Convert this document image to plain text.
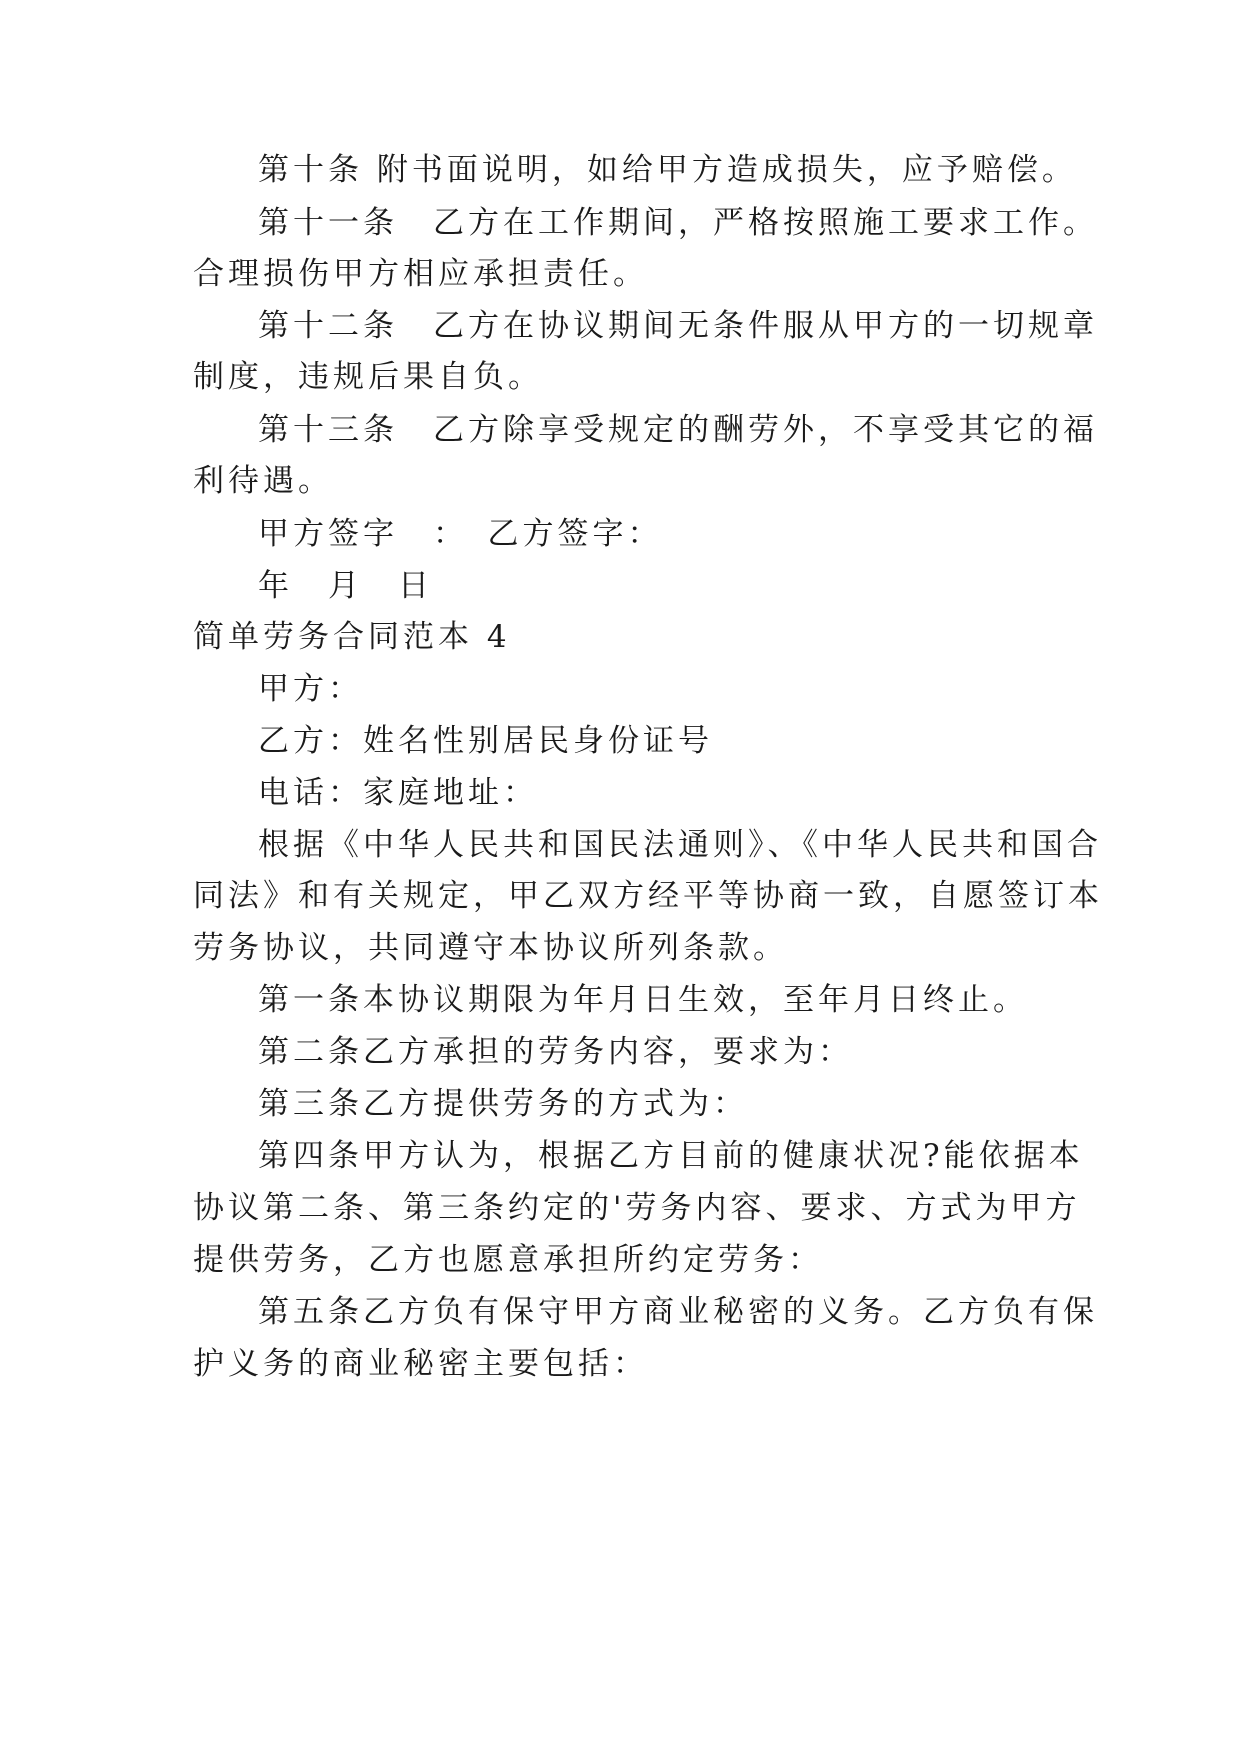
第十条 附书面说明，如给甲方造成损失，应予赔偿。
第十一条　乙方在工作期间，严格按照施工要求工作。
合理损伤甲方相应承担责任。
第十二条　乙方在协议期间无条件服从甲方的一切规章
制度，违规后果自负。
第十三条　乙方除享受规定的酬劳外，不享受其它的福
利待遇。
甲方签字　：　乙方签字：
年　月　日
简单劳务合同范本 4
甲方：
乙方：姓名性别居民身份证号
电话：家庭地址：
根据《中华人民共和国民法通则》、《中华人民共和国合
同法》和有关规定，甲乙双方经平等协商一致，自愿签订本
劳务协议，共同遵守本协议所列条款。
第一条本协议期限为年月日生效，至年月日终止。
第二条乙方承担的劳务内容，要求为：
第三条乙方提供劳务的方式为：
第四条甲方认为，根据乙方目前的健康状况?能依据本
协议第二条、第三条约定的'劳务内容、要求、方式为甲方
提供劳务，乙方也愿意承担所约定劳务：
第五条乙方负有保守甲方商业秘密的义务。乙方负有保
护义务的商业秘密主要包括：
